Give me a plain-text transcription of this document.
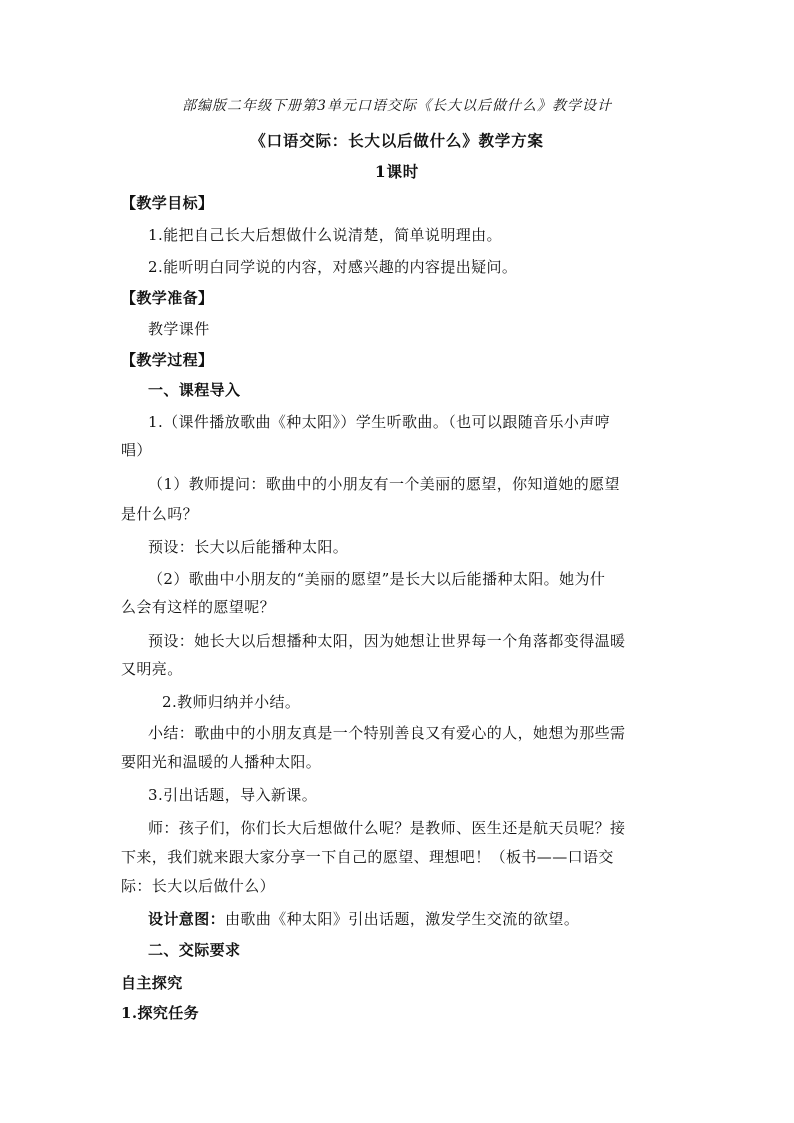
部编版二年级下册第3单元口语交际《长大以后做什么》教学设计
《口语交际：长大以后做什么》教学方案
1课时
【教学目标】
1.能把自己长大后想做什么说清楚，简单说明理由。
2.能听明白同学说的内容，对感兴趣的内容提出疑问。
【教学准备】
教学课件
【教学过程】
一、课程导入
1.（课件播放歌曲《种太阳》）学生听歌曲。（也可以跟随音乐小声哼
唱）
（1）教师提问：歌曲中的小朋友有一个美丽的愿望，你知道她的愿望
是什么吗？
预设：长大以后能播种太阳。
（2）歌曲中小朋友的“美丽的愿望”是长大以后能播种太阳。她为什
么会有这样的愿望呢？
预设：她长大以后想播种太阳，因为她想让世界每一个角落都变得温暖
又明亮。
2.教师归纳并小结。
小结：歌曲中的小朋友真是一个特别善良又有爱心的人，她想为那些需
要阳光和温暖的人播种太阳。
3.引出话题，导入新课。
师：孩子们，你们长大后想做什么呢？是教师、医生还是航天员呢？接
下来，我们就来跟大家分享一下自己的愿望、理想吧！（板书——口语交
际：长大以后做什么）
设计意图：由歌曲《种太阳》引出话题，激发学生交流的欲望。
二、交际要求
自主探究
1.探究任务
